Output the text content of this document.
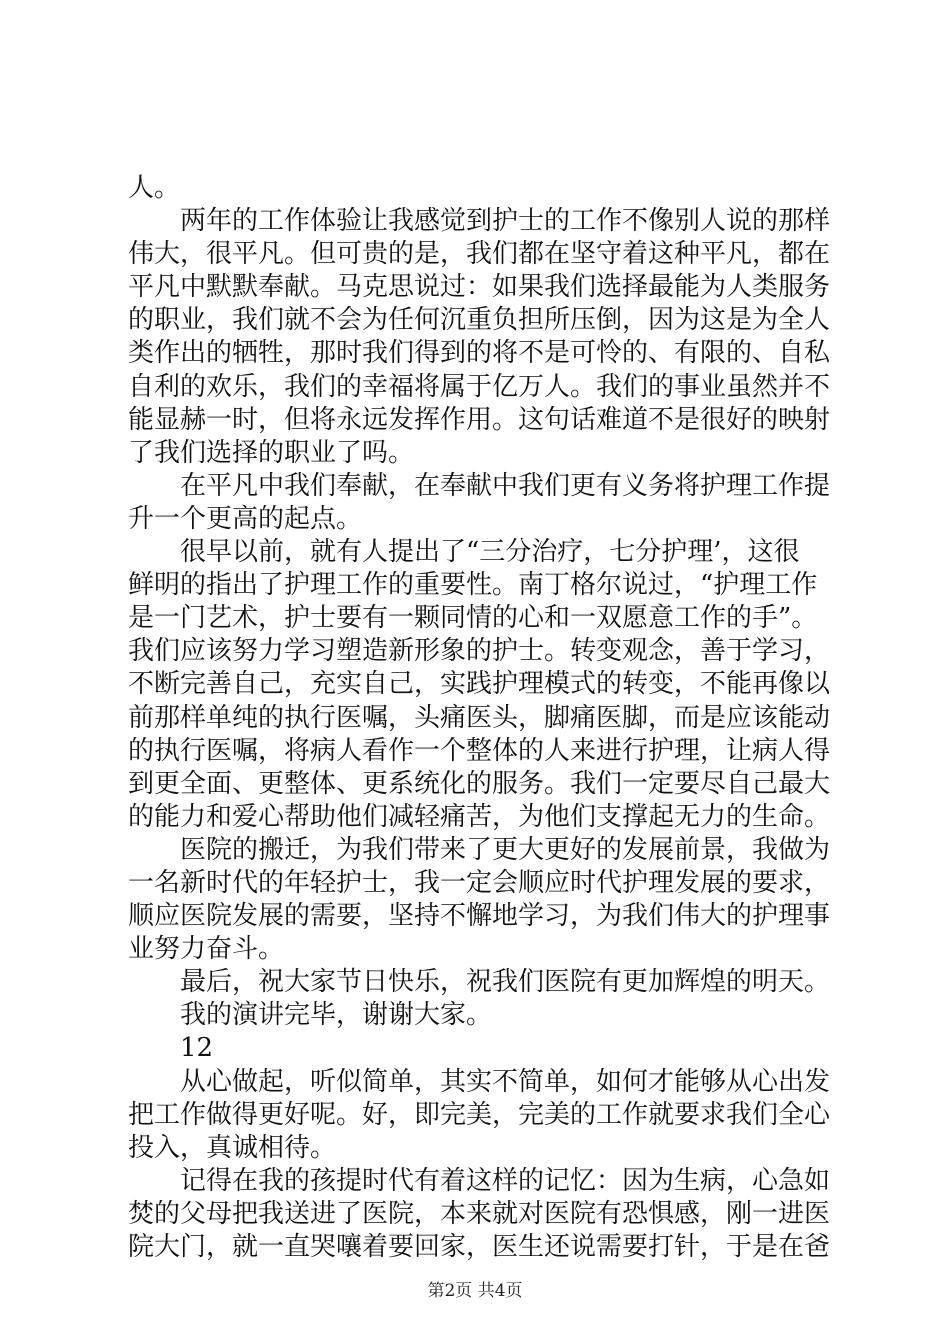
人。
两年的工作体验让我感觉到护士的工作不像别人说的那样
伟大，很平凡。但可贵的是，我们都在坚守着这种平凡，都在
平凡中默默奉献。马克思说过：如果我们选择最能为人类服务
的职业，我们就不会为任何沉重负担所压倒，因为这是为全人
类作出的牺牲，那时我们得到的将不是可怜的、有限的、自私
自利的欢乐，我们的幸福将属于亿万人。我们的事业虽然并不
能显赫一时，但将永远发挥作用。这句话难道不是很好的映射
了我们选择的职业了吗。
在平凡中我们奉献，在奉献中我们更有义务将护理工作提
升一个更高的起点。
很早以前，就有人提出了“三分治疗，七分护理’，这很
鲜明的指出了护理工作的重要性。南丁格尔说过，“护理工作
是一门艺术，护士要有一颗同情的心和一双愿意工作的手”。
我们应该努力学习塑造新形象的护士。转变观念，善于学习，
不断完善自己，充实自己，实践护理模式的转变，不能再像以
前那样单纯的执行医嘱，头痛医头，脚痛医脚，而是应该能动
的执行医嘱，将病人看作一个整体的人来进行护理，让病人得
到更全面、更整体、更系统化的服务。我们一定要尽自己最大
的能力和爱心帮助他们减轻痛苦，为他们支撑起无力的生命。
医院的搬迁，为我们带来了更大更好的发展前景，我做为
一名新时代的年轻护士，我一定会顺应时代护理发展的要求，
顺应医院发展的需要，坚持不懈地学习，为我们伟大的护理事
业努力奋斗。
最后，祝大家节日快乐，祝我们医院有更加辉煌的明天。
我的演讲完毕，谢谢大家。
12
从心做起，听似简单，其实不简单，如何才能够从心出发
把工作做得更好呢。好，即完美，完美的工作就要求我们全心
投入，真诚相待。
记得在我的孩提时代有着这样的记忆：因为生病，心急如
焚的父母把我送进了医院，本来就对医院有恐惧感，刚一进医
院大门，就一直哭嚷着要回家，医生还说需要打针，于是在爸
第2页 共4页
